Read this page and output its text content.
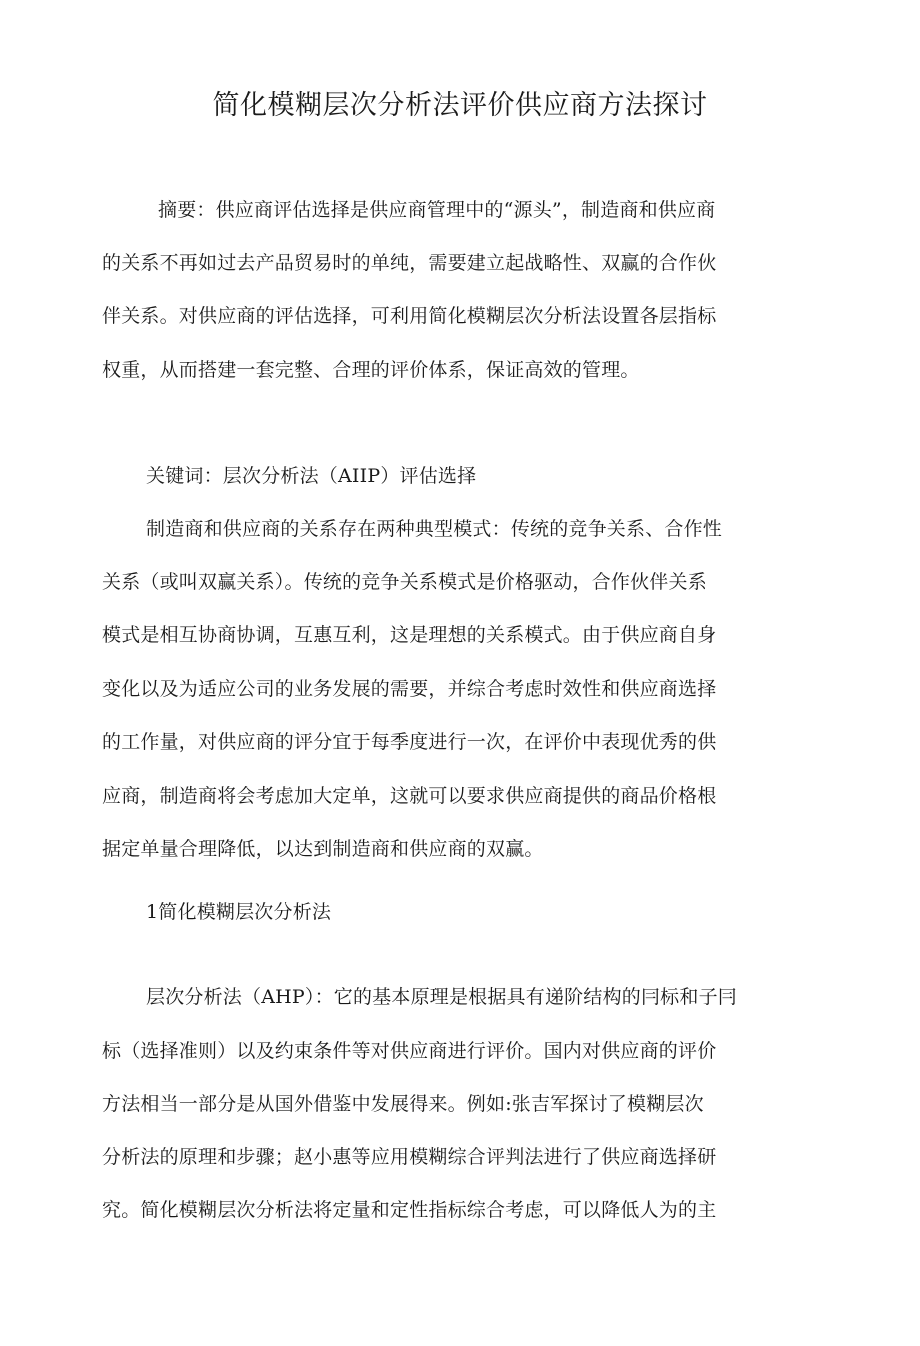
简化模糊层次分析法评价供应商方法探讨
摘要：供应商评估选择是供应商管理中的“源头”，制造商和供应商
的关系不再如过去产品贸易时的单纯，需要建立起战略性、双赢的合作伙
伴关系。对供应商的评估选择，可利用简化模糊层次分析法设置各层指标
权重，从而搭建一套完整、合理的评价体系，保证高效的管理。
关键词：层次分析法（AIIP）评估选择
制造商和供应商的关系存在两种典型模式：传统的竞争关系、合作性
关系（或叫双赢关系）。传统的竞争关系模式是价格驱动，合作伙伴关系
模式是相互协商协调，互惠互利，这是理想的关系模式。由于供应商自身
变化以及为适应公司的业务发展的需要，并综合考虑时效性和供应商选择
的工作量，对供应商的评分宜于每季度进行一次，在评价中表现优秀的供
应商，制造商将会考虑加大定单，这就可以要求供应商提供的商品价格根
据定单量合理降低，以达到制造商和供应商的双赢。
1简化模糊层次分析法
层次分析法（AHP）：它的基本原理是根据具有递阶结构的冃标和子冃
标（选择准则）以及约束条件等对供应商进行评价。国内对供应商的评价
方法相当一部分是从国外借鉴中发展得来。例如:张吉军探讨了模糊层次
分析法的原理和步骤；赵小惠等应用模糊综合评判法进行了供应商选择研
究。简化模糊层次分析法将定量和定性指标综合考虑，可以降低人为的主
